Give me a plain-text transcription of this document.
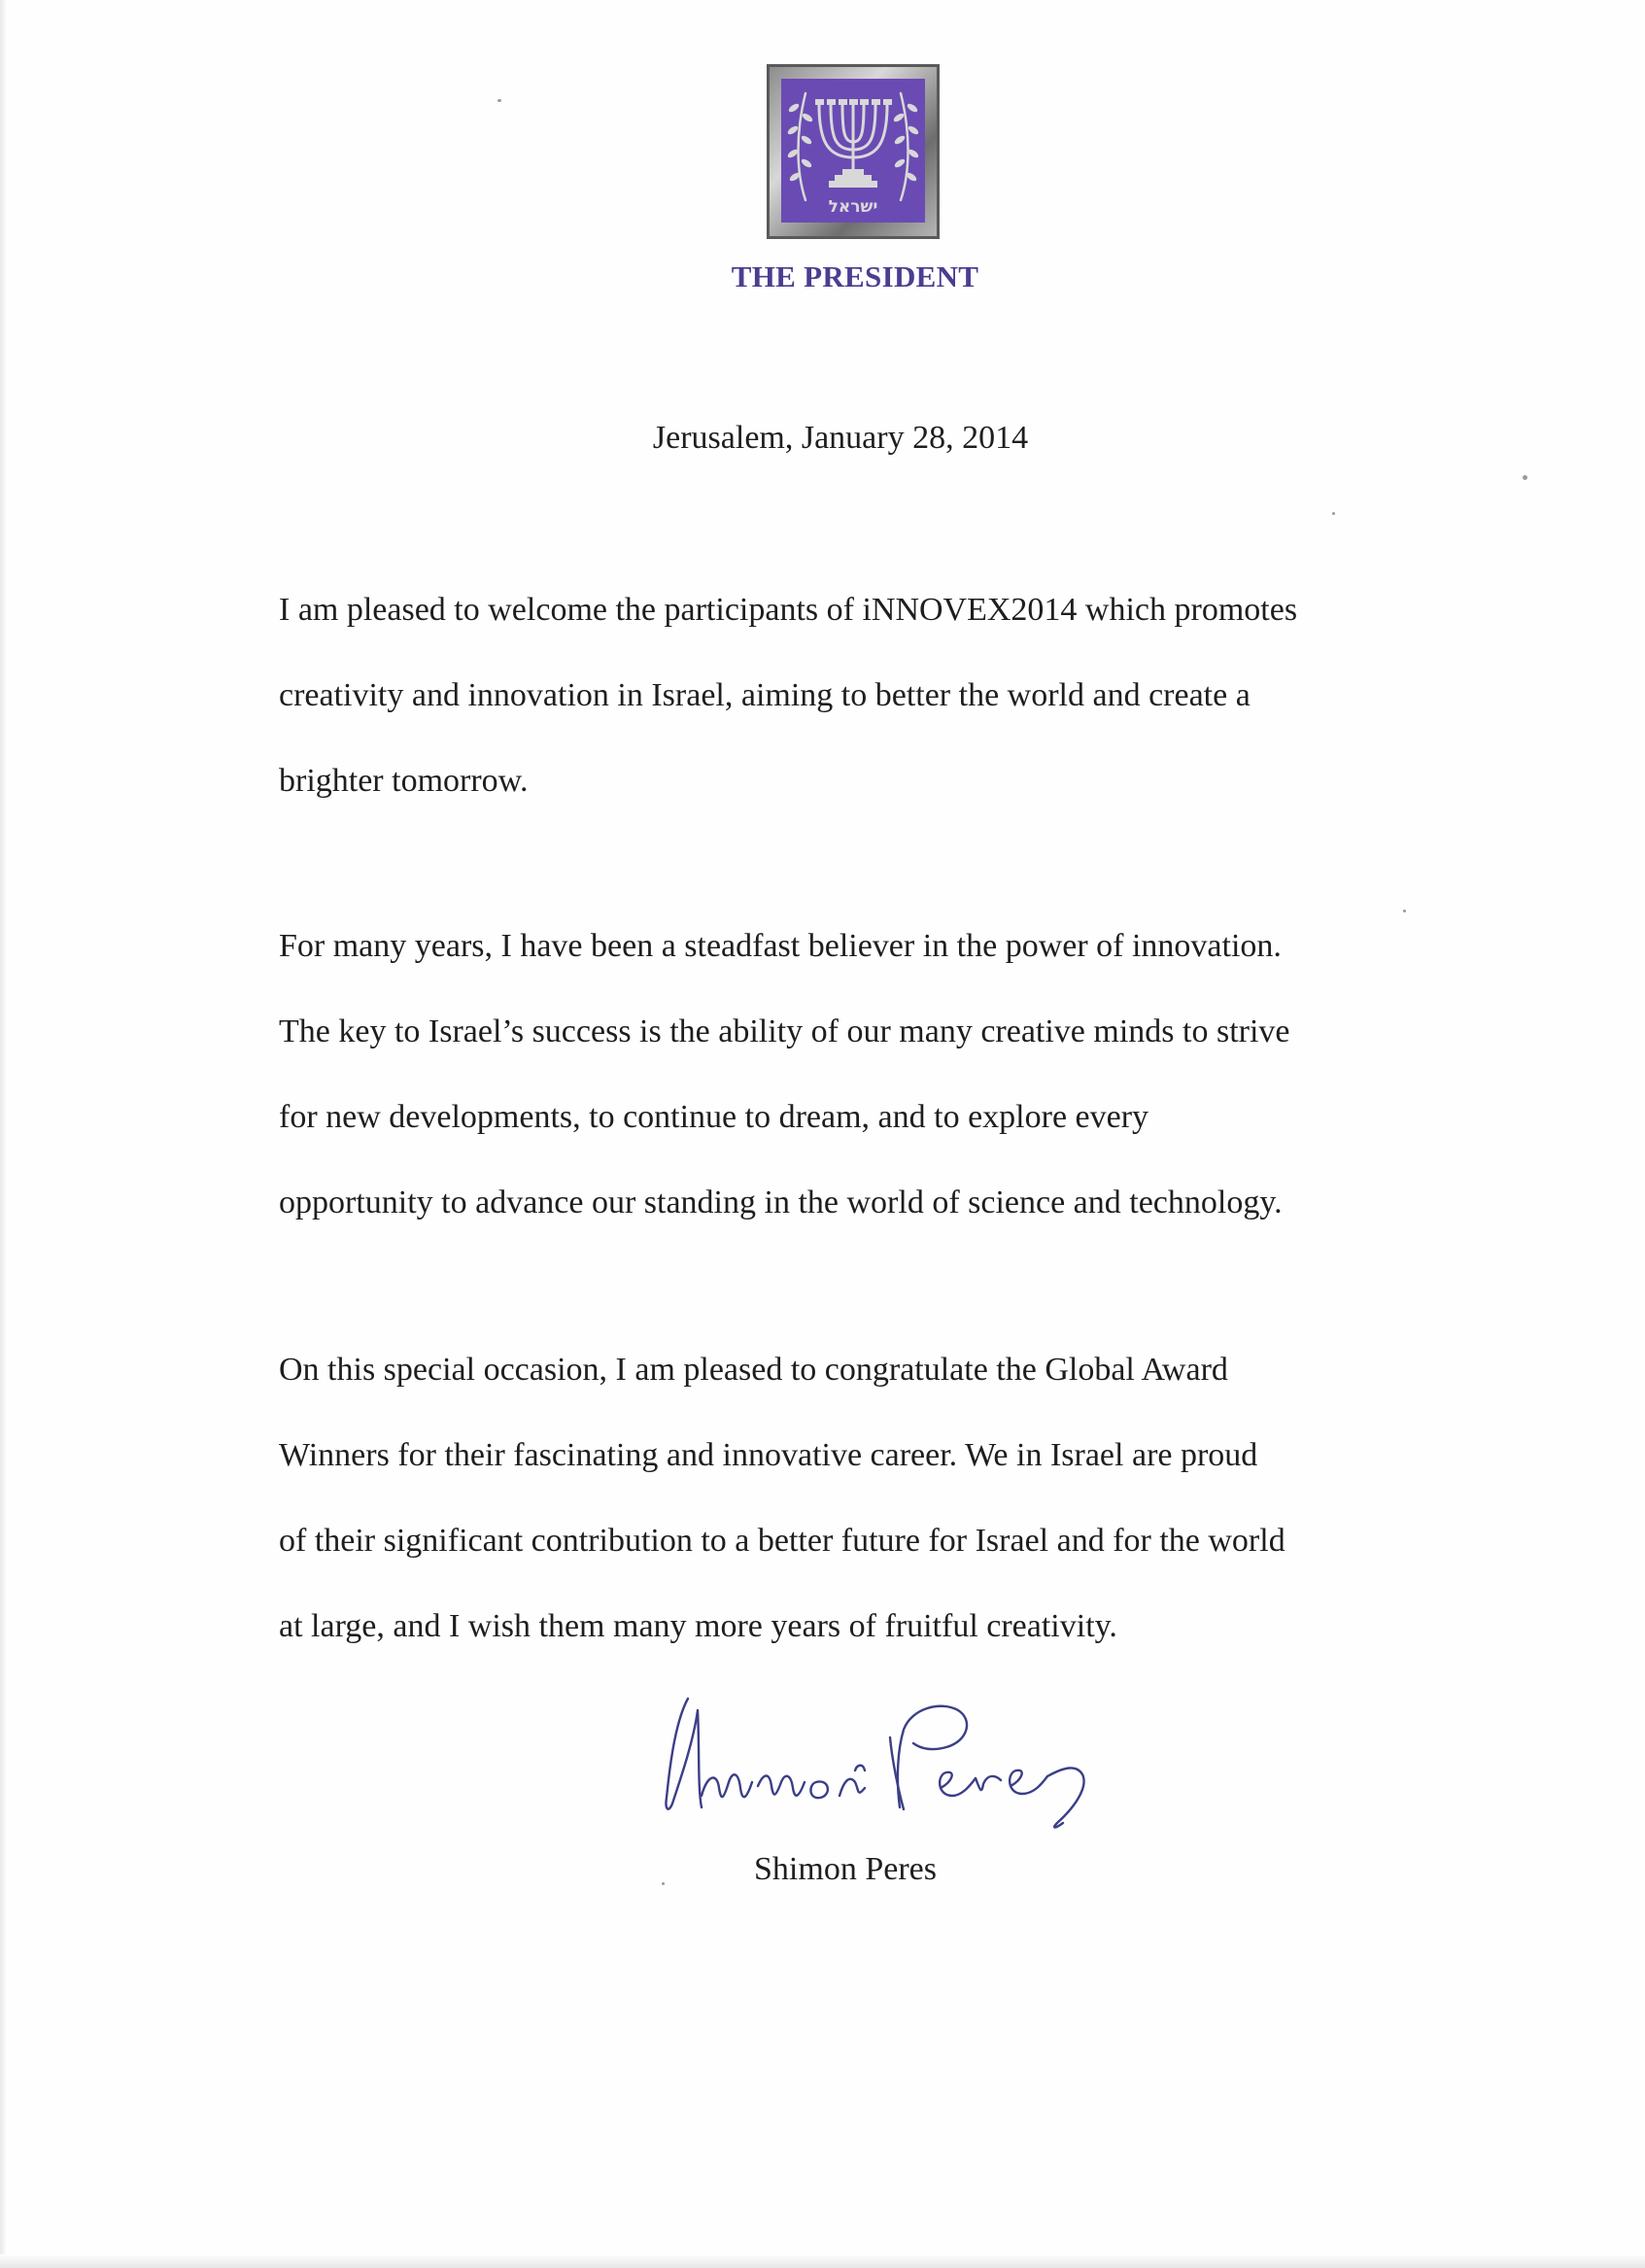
ישראל
THE PRESIDENT
Jerusalem, January 28, 2014
I am pleased to welcome the participants of iNNOVEX2014 which promotes
creativity and innovation in Israel, aiming to better the world and create a
brighter tomorrow.
For many years, I have been a steadfast believer in the power of innovation.
The key to Israel’s success is the ability of our many creative minds to strive
for new developments, to continue to dream, and to explore every
opportunity to advance our standing in the world of science and technology.
On this special occasion, I am pleased to congratulate the Global Award
Winners for their fascinating and innovative career. We in Israel are proud
of their significant contribution to a better future for Israel and for the world
at large, and I wish them many more years of fruitful creativity.
Shimon Peres
